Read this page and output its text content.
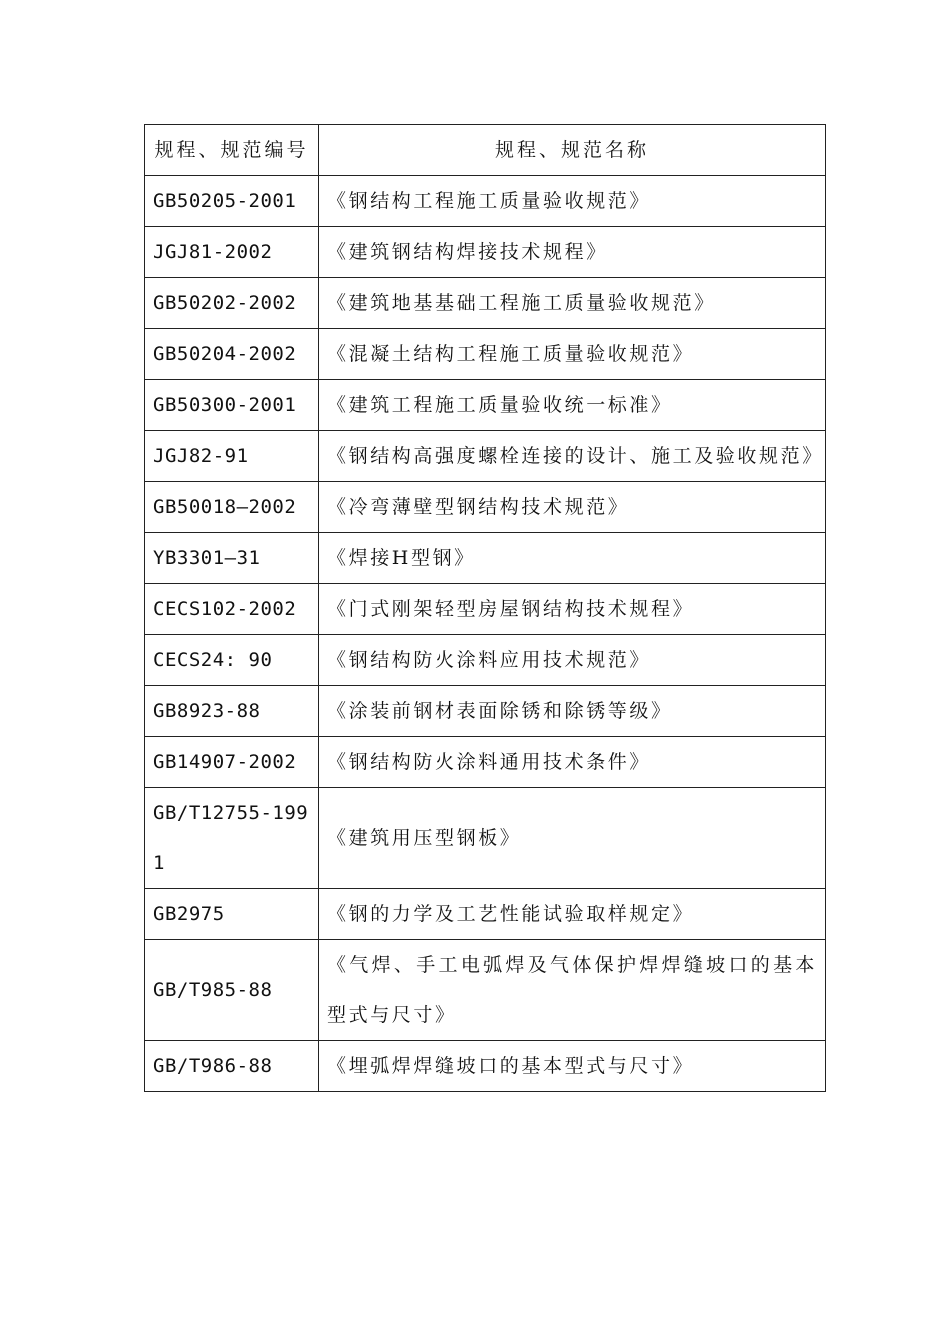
规程、规范编号	规程、规范名称
GB50205-2001	《钢结构工程施工质量验收规范》
JGJ81-2002	《建筑钢结构焊接技术规程》
GB50202-2002	《建筑地基基础工程施工质量验收规范》
GB50204-2002	《混凝土结构工程施工质量验收规范》
GB50300-2001	《建筑工程施工质量验收统一标准》
JGJ82-91	《钢结构高强度螺栓连接的设计、施工及验收规范》
GB50018—2002	《冷弯薄壁型钢结构技术规范》
YB3301—31	《焊接H型钢》
CECS102-2002	《门式刚架轻型房屋钢结构技术规程》
CECS24: 90	《钢结构防火涂料应用技术规范》
GB8923-88	《涂装前钢材表面除锈和除锈等级》
GB14907-2002	《钢结构防火涂料通用技术条件》
GB/T12755-1991	《建筑用压型钢板》
GB2975	《钢的力学及工艺性能试验取样规定》
GB/T985-88	《气焊、手工电弧焊及气体保护焊焊缝坡口的基本型式与尺寸》
GB/T986-88	《埋弧焊焊缝坡口的基本型式与尺寸》
